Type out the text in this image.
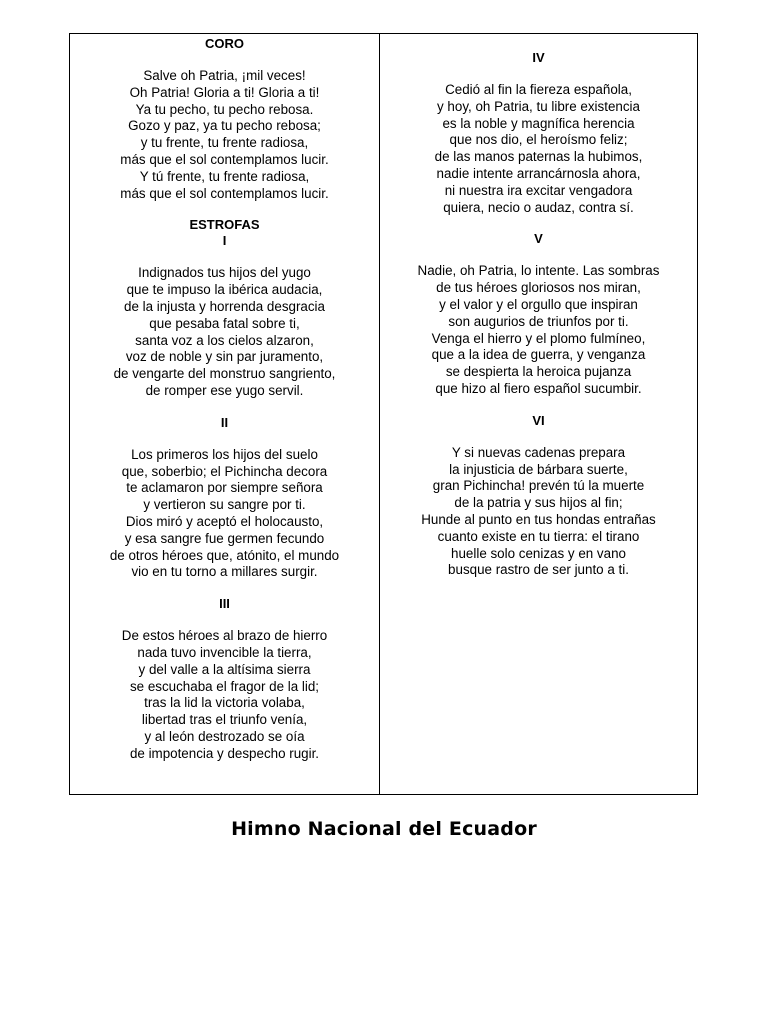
CORO
Salve oh Patria, ¡mil veces!
Oh Patria! Gloria a ti! Gloria a ti!
Ya tu pecho, tu pecho rebosa.
Gozo y paz, ya tu pecho rebosa;
y tu frente, tu frente radiosa,
más que el sol contemplamos lucir.
Y tú frente, tu frente radiosa,
más que el sol contemplamos lucir.
ESTROFAS
I
Indignados tus hijos del yugo
que te impuso la ibérica audacia,
de la injusta y horrenda desgracia
que pesaba fatal sobre ti,
santa voz a los cielos alzaron,
voz de noble y sin par juramento,
de vengarte del monstruo sangriento,
de romper ese yugo servil.
II
Los primeros los hijos del suelo
que, soberbio; el Pichincha decora
te aclamaron por siempre señora
y vertieron su sangre por ti.
Dios miró y aceptó el holocausto,
y esa sangre fue germen fecundo
de otros héroes que, atónito, el mundo
vio en tu torno a millares surgir.
III
De estos héroes al brazo de hierro
nada tuvo invencible la tierra,
y del valle a la altísima sierra
se escuchaba el fragor de la lid;
tras la lid la victoria volaba,
libertad tras el triunfo venía,
y al león destrozado se oía
de impotencia y despecho rugir.
IV
Cedió al fin la fiereza española,
y hoy, oh Patria, tu libre existencia
es la noble y magnífica herencia
que nos dio, el heroísmo feliz;
de las manos paternas la hubimos,
nadie intente arrancárnosla ahora,
ni nuestra ira excitar vengadora
quiera, necio o audaz, contra sí.
V
Nadie, oh Patria, lo intente. Las sombras
de tus héroes gloriosos nos miran,
y el valor y el orgullo que inspiran
son augurios de triunfos por ti.
Venga el hierro y el plomo fulmíneo,
que a la idea de guerra, y venganza
se despierta la heroica pujanza
que hizo al fiero español sucumbir.
VI
Y si nuevas cadenas prepara
la injusticia de bárbara suerte,
gran Pichincha! prevén tú la muerte
de la patria y sus hijos al fin;
Hunde al punto en tus hondas entrañas
cuanto existe en tu tierra: el tirano
huelle solo cenizas y en vano
busque rastro de ser junto a ti.
Himno Nacional del Ecuador
